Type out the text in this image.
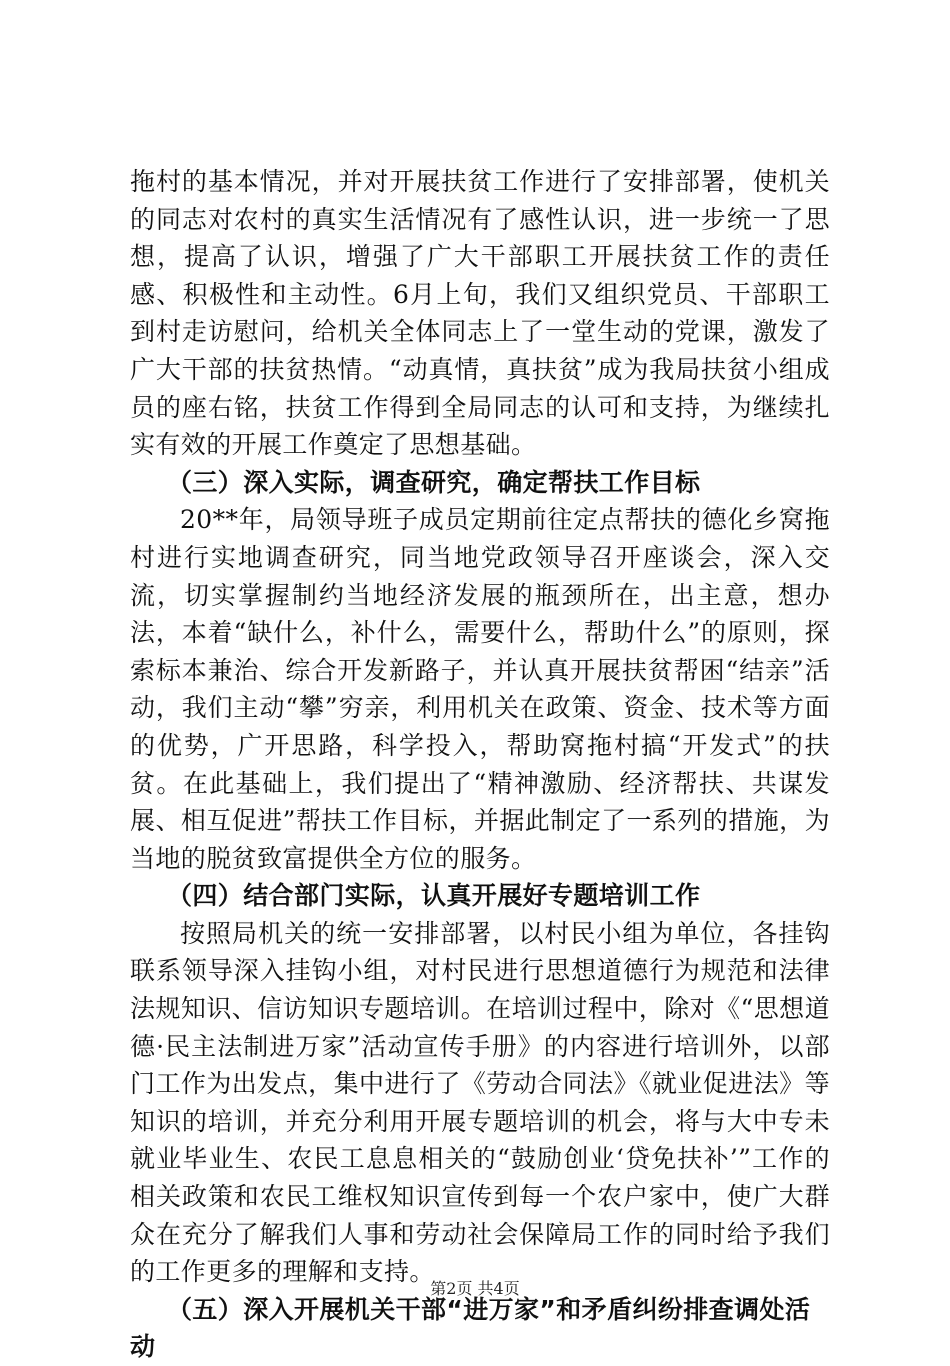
拖村的基本情况，并对开展扶贫工作进行了安排部署，使机关的同志对农村的真实生活情况有了感性认识，进一步统一了思想，提高了认识，增强了广大干部职工开展扶贫工作的责任感、积极性和主动性。6月上旬，我们又组织党员、干部职工到村走访慰问，给机关全体同志上了一堂生动的党课，激发了广大干部的扶贫热情。“动真情，真扶贫”成为我局扶贫小组成员的座右铭，扶贫工作得到全局同志的认可和支持，为继续扎实有效的开展工作奠定了思想基础。

（三）深入实际，调查研究，确定帮扶工作目标

20**年，局领导班子成员定期前往定点帮扶的德化乡窝拖村进行实地调查研究，同当地党政领导召开座谈会，深入交流，切实掌握制约当地经济发展的瓶颈所在，出主意，想办法，本着“缺什么，补什么，需要什么，帮助什么”的原则，探索标本兼治、综合开发新路子，并认真开展扶贫帮困“结亲”活动，我们主动“攀”穷亲，利用机关在政策、资金、技术等方面的优势，广开思路，科学投入，帮助窝拖村搞“开发式”的扶贫。在此基础上，我们提出了“精神激励、经济帮扶、共谋发展、相互促进”帮扶工作目标，并据此制定了一系列的措施，为当地的脱贫致富提供全方位的服务。

（四）结合部门实际，认真开展好专题培训工作

按照局机关的统一安排部署，以村民小组为单位，各挂钩联系领导深入挂钩小组，对村民进行思想道德行为规范和法律法规知识、信访知识专题培训。在培训过程中，除对《“思想道德·民主法制进万家”活动宣传手册》的内容进行培训外，以部门工作为出发点，集中进行了《劳动合同法》《就业促进法》等知识的培训，并充分利用开展专题培训的机会，将与大中专未就业毕业生、农民工息息相关的“鼓励创业‘贷免扶补’”工作的相关政策和农民工维权知识宣传到每一个农户家中，使广大群众在充分了解我们人事和劳动社会保障局工作的同时给予我们的工作更多的理解和支持。

（五）深入开展机关干部“进万家”和矛盾纠纷排查调处活动

第2页 共4页
